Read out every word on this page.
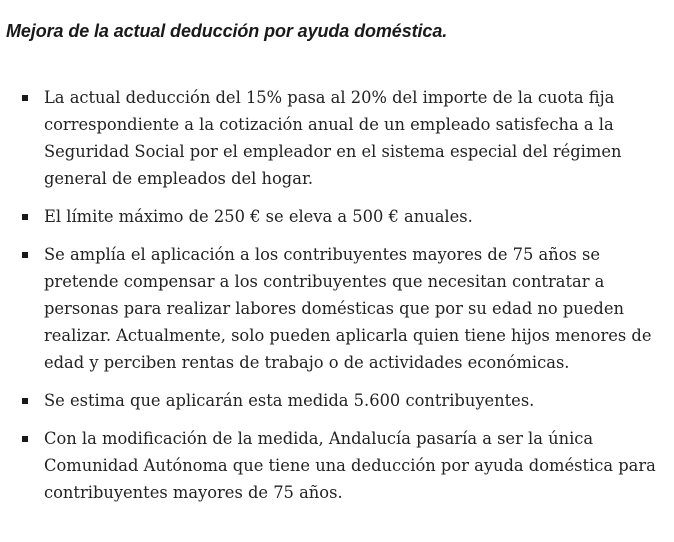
Mejora de la actual deducción por ayuda doméstica.
La actual deducción del 15% pasa al 20% del importe de la cuota fija correspondiente a la cotización anual de un empleado satisfecha a la Seguridad Social por el empleador en el sistema especial del régimen general de empleados del hogar.
El límite máximo de 250 € se eleva a 500 € anuales.
Se amplía el aplicación a los contribuyentes mayores de 75 años se pretende compensar a los contribuyentes que necesitan contratar a personas para realizar labores domésticas que por su edad no pueden realizar. Actualmente, solo pueden aplicarla quien tiene hijos menores de edad y perciben rentas de trabajo o de actividades económicas.
Se estima que aplicarán esta medida 5.600 contribuyentes.
Con la modificación de la medida, Andalucía pasaría a ser la única Comunidad Autónoma que tiene una deducción por ayuda doméstica para contribuyentes mayores de 75 años.
